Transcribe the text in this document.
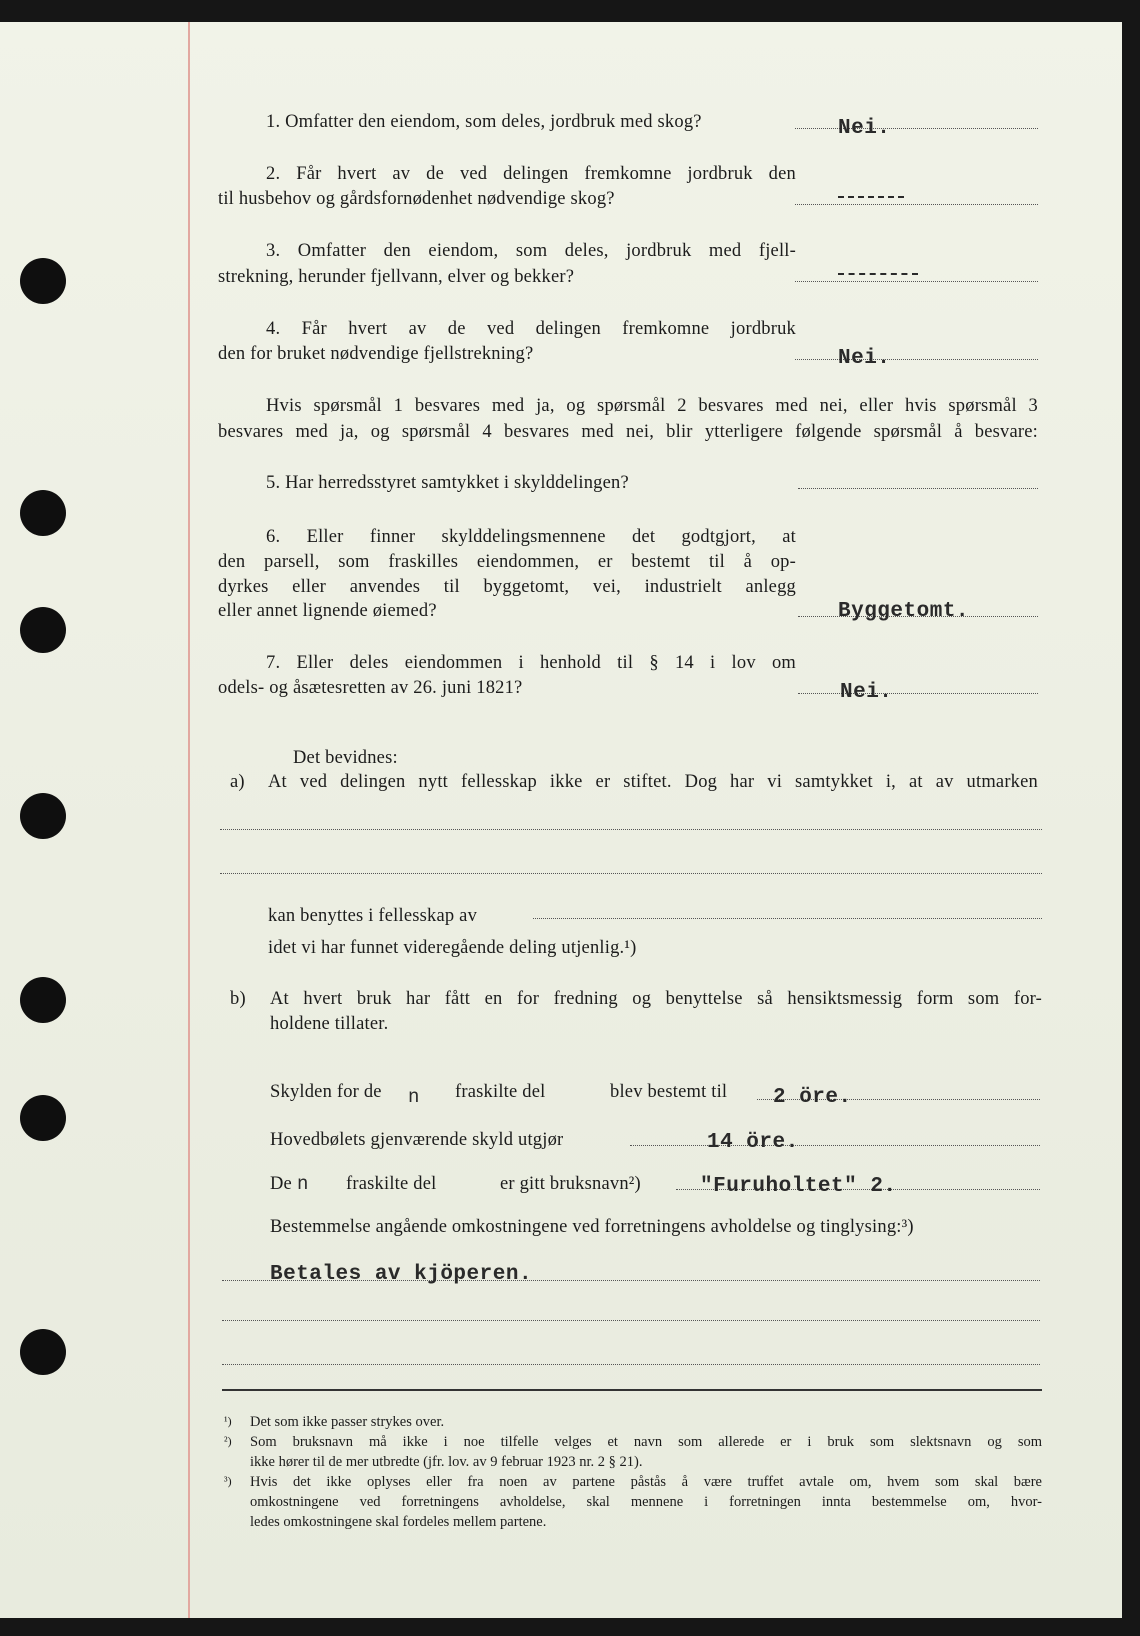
1. Omfatter den eiendom, som deles, jordbruk med skog?	Nei.
2. Får hvert av de ved delingen fremkomne jordbruk den
til husbehov og gårdsfornødenhet nødvendige skog?
3. Omfatter den eiendom, som deles, jordbruk med fjell-
strekning, herunder fjellvann, elver og bekker?
4. Får hvert av de ved delingen fremkomne jordbruk
den for bruket nødvendige fjellstrekning?	Nei.
Hvis spørsmål 1 besvares med ja, og spørsmål 2 besvares med nei, eller hvis spørsmål 3
besvares med ja, og spørsmål 4 besvares med nei, blir ytterligere følgende spørsmål å besvare:
5. Har herredsstyret samtykket i skylddelingen?
6. Eller finner skylddelingsmennene det godtgjort, at
den parsell, som fraskilles eiendommen, er bestemt til å op-
dyrkes eller anvendes til byggetomt, vei, industrielt anlegg
eller annet lignende øiemed?	Byggetomt.
7. Eller deles eiendommen i henhold til § 14 i lov om
odels- og åsætesretten av 26. juni 1821?	Nei.
Det bevidnes:
a) At ved delingen nytt fellesskap ikke er stiftet. Dog har vi samtykket i, at av utmarken
kan benyttes i fellesskap av
idet vi har funnet videregående deling utjenlig.¹)
b) At hvert bruk har fått en for fredning og benyttelse så hensiktsmessig form som for-
holdene tillater.
Skylden for de n fraskilte del	blev bestemt til 2 öre.
Hovedbølets gjenværende skyld utgjør	14 öre.
De n fraskilte del	er gitt bruksnavn²)	"Furuholtet" 2.
Bestemmelse angående omkostningene ved forretningens avholdelse og tinglysing:³)
Betales av kjöperen.
¹) Det som ikke passer strykes over.
²) Som bruksnavn må ikke i noe tilfelle velges et navn som allerede er i bruk som slektsnavn og som
ikke hører til de mer utbredte (jfr. lov. av 9 februar 1923 nr. 2 § 21).
³) Hvis det ikke oplyses eller fra noen av partene påstås å være truffet avtale om, hvem som skal bære
omkostningene ved forretningens avholdelse, skal mennene i forretningen innta bestemmelse om, hvor-
ledes omkostningene skal fordeles mellem partene.
